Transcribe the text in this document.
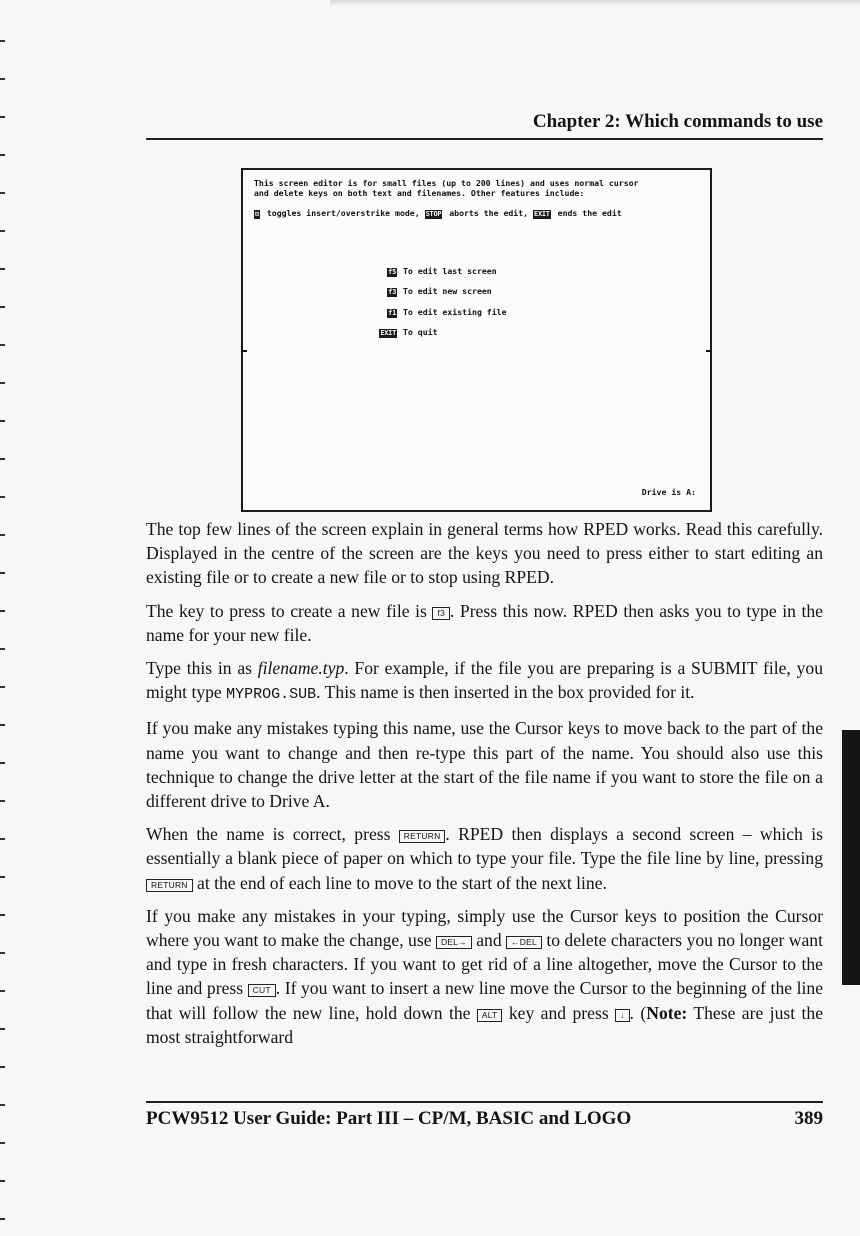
Chapter 2: Which commands to use

This screen editor is for small files (up to 200 lines) and uses normal cursor
and delete keys on both text and filenames. Other features include:
⊡ toggles insert/overstrike mode, STOP aborts the edit, EXIT ends the edit
f5 To edit last screen
f3 To edit new screen
f1 To edit existing file
EXIT To quit
Drive is A:

The top few lines of the screen explain in general terms how RPED works. Read this carefully. Displayed in the centre of the screen are the keys you need to press either to start editing an existing file or to create a new file or to stop using RPED.

The key to press to create a new file is f3 . Press this now. RPED then asks you to type in the name for your new file.

Type this in as filename.typ. For example, if the file you are preparing is a SUBMIT file, you might type MYPROG.SUB. This name is then inserted in the box provided for it.

If you make any mistakes typing this name, use the Cursor keys to move back to the part of the name you want to change and then re-type this part of the name. You should also use this technique to change the drive letter at the start of the file name if you want to store the file on a different drive to Drive A.

When the name is correct, press RETURN . RPED then displays a second screen – which is essentially a blank piece of paper on which to type your file. Type the file line by line, pressing RETURN at the end of each line to move to the start of the next line.

If you make any mistakes in your typing, simply use the Cursor keys to position the Cursor where you want to make the change, use DEL→ and ←DEL to delete characters you no longer want and type in fresh characters. If you want to get rid of a line altogether, move the Cursor to the line and press CUT . If you want to insert a new line move the Cursor to the beginning of the line that will follow the new line, hold down the ALT key and press ↓ . (Note: These are just the most straightforward

PCW9512 User Guide: Part III – CP/M, BASIC and LOGO	389
